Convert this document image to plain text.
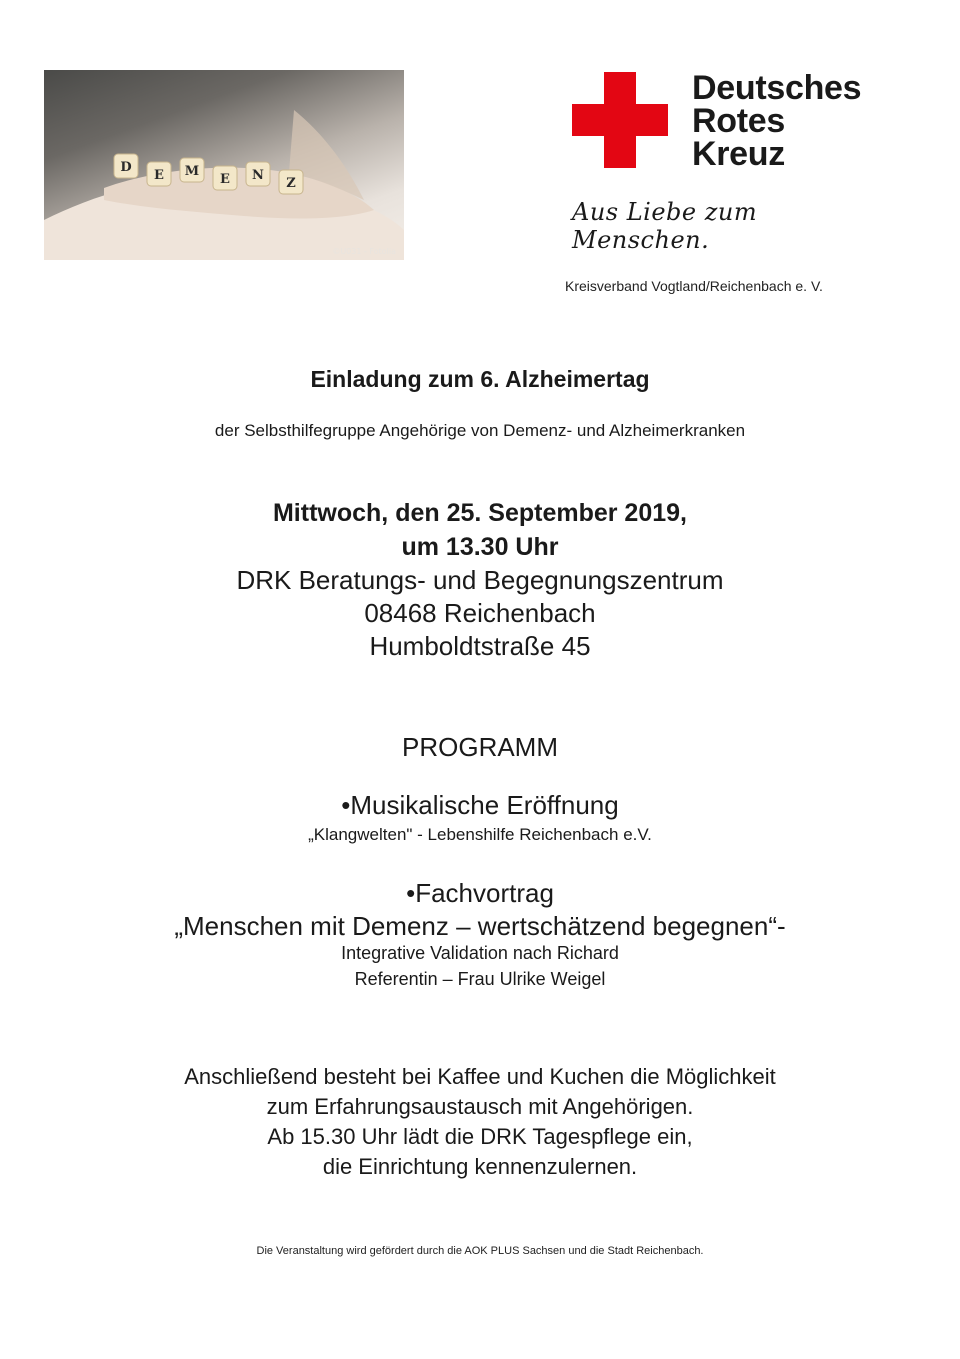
D
E M
E N
Z
©U031 - Fotolia
Deutsches
Rotes
Kreuz
Aus Liebe zum Menschen.
Kreisverband Vogtland/Reichenbach e. V.
Einladung zum 6. Alzheimertag
der Selbsthilfegruppe Angehörige von Demenz- und Alzheimerkranken
Mittwoch, den 25. September 2019,
um 13.30 Uhr
DRK Beratungs- und Begegnungszentrum
08468 Reichenbach
Humboldtstraße 45
PROGRAMM
• Musikalische Eröffnung
„Klangwelten" - Lebenshilfe Reichenbach e.V.
• Fachvortrag
„Menschen mit Demenz – wertschätzend begegnen“-
Integrative Validation nach Richard
Referentin – Frau Ulrike Weigel
Anschließend besteht bei Kaffee und Kuchen die Möglichkeit
zum Erfahrungsaustausch mit Angehörigen.
Ab 15.30 Uhr lädt die DRK Tagespflege ein,
die Einrichtung kennenzulernen.
Die Veranstaltung wird gefördert durch die AOK PLUS Sachsen und die Stadt Reichenbach.
